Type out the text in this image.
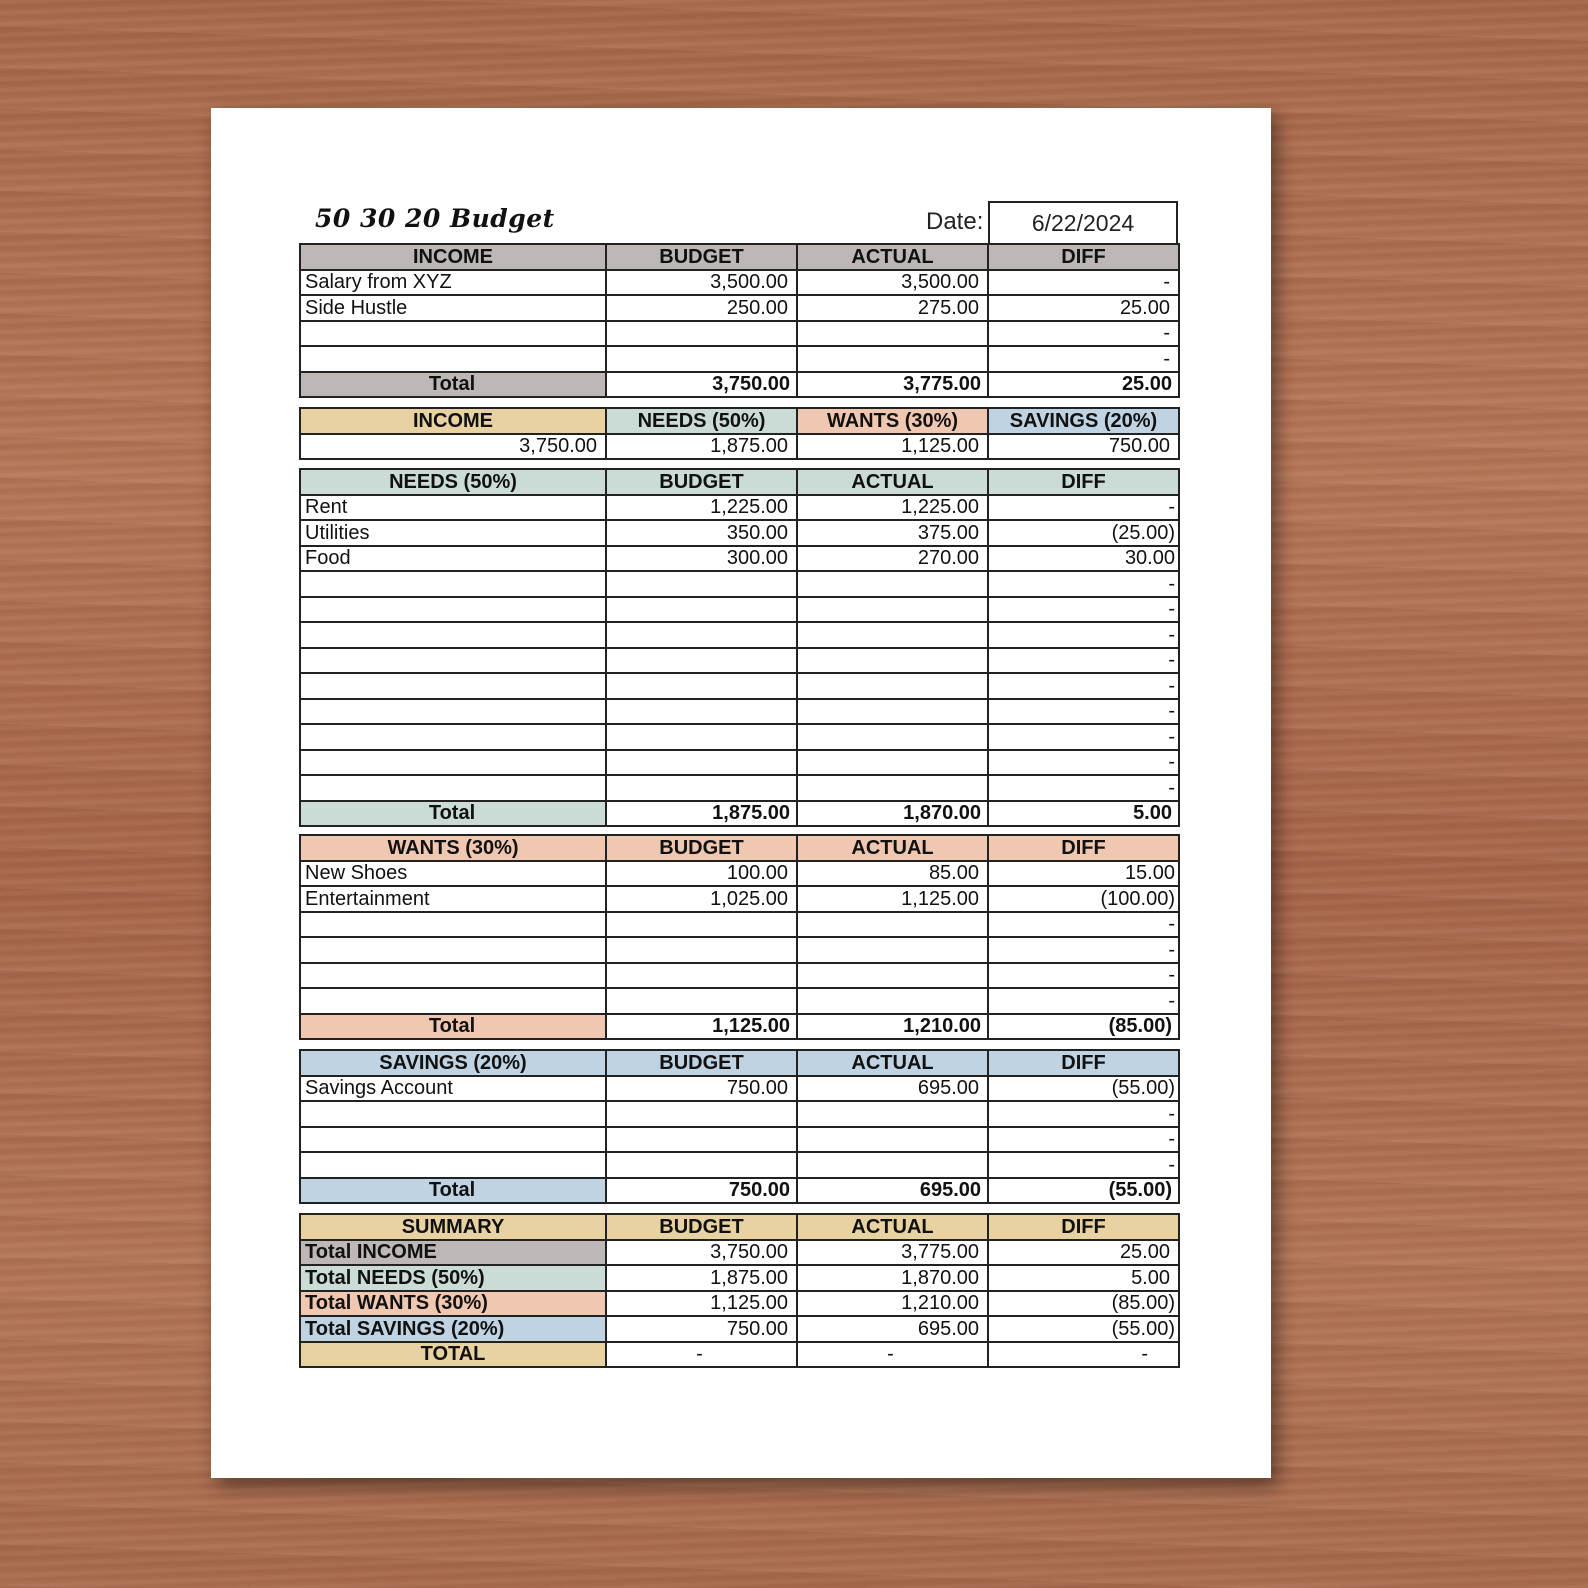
50 30 20 Budget	Date:	6/22/2024
INCOME	BUDGET	ACTUAL	DIFF
Salary from XYZ	3,500.00	3,500.00	-
Side Hustle	250.00	275.00	25.00
			-
			-
Total	3,750.00	3,775.00	25.00
INCOME	NEEDS (50%)	WANTS (30%)	SAVINGS (20%)
3,750.00	1,875.00	1,125.00	750.00
NEEDS (50%)	BUDGET	ACTUAL	DIFF
Rent	1,225.00	1,225.00	-
Utilities	350.00	375.00	(25.00)
Food	300.00	270.00	30.00
			-
			-
			-
			-
			-
			-
			-
			-
			-
Total	1,875.00	1,870.00	5.00
WANTS (30%)	BUDGET	ACTUAL	DIFF
New Shoes	100.00	85.00	15.00
Entertainment	1,025.00	1,125.00	(100.00)
			-
			-
			-
			-
Total	1,125.00	1,210.00	(85.00)
SAVINGS (20%)	BUDGET	ACTUAL	DIFF
Savings Account	750.00	695.00	(55.00)
			-
			-
			-
Total	750.00	695.00	(55.00)
SUMMARY	BUDGET	ACTUAL	DIFF
Total INCOME	3,750.00	3,775.00	25.00
Total NEEDS (50%)	1,875.00	1,870.00	5.00
Total WANTS (30%)	1,125.00	1,210.00	(85.00)
Total SAVINGS (20%)	750.00	695.00	(55.00)
TOTAL	-	-	-
